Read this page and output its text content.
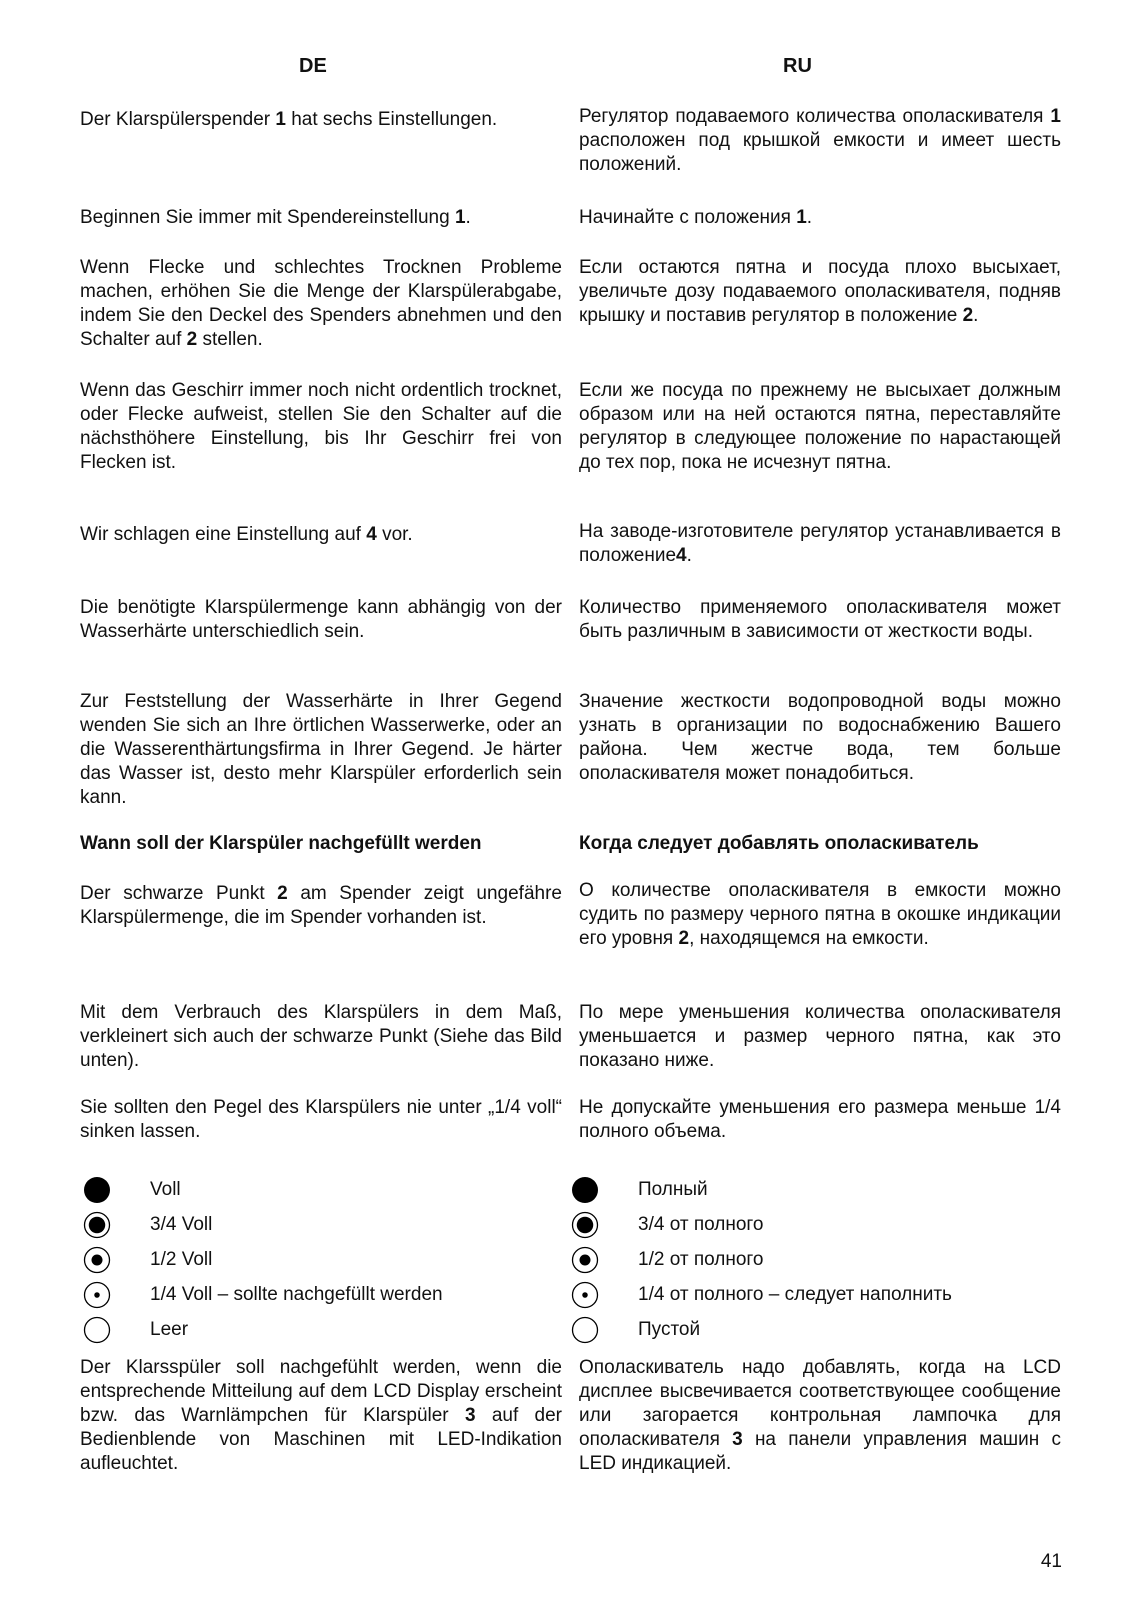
DE	RU
Der Klarspülerspender 1 hat sechs Einstellungen.
Beginnen Sie immer mit Spendereinstellung 1.
Wenn Flecke und schlechtes Trocknen Probleme machen, erhöhen Sie die Menge der Klarspülerabgabe, indem Sie den Deckel des Spenders abnehmen und den Schalter auf 2 stellen.
Wenn das Geschirr immer noch nicht ordentlich trocknet, oder Flecke aufweist, stellen Sie den Schalter auf die nächsthöhere Einstellung, bis Ihr Geschirr frei von Flecken ist.
Wir schlagen eine Einstellung auf 4 vor.
Die benötigte Klarspülermenge kann abhängig von der Wasserhärte unterschiedlich sein.
Zur Feststellung der Wasserhärte in Ihrer Gegend wenden Sie sich an Ihre örtlichen Wasserwerke, oder an die Wasserenthärtungsfirma in Ihrer Gegend. Je härter das Wasser ist, desto mehr Klarspüler erforderlich sein kann.
Wann soll der Klarspüler nachgefüllt werden
Der schwarze Punkt 2 am Spender zeigt ungefähre Klarspülermenge, die im Spender vorhanden ist.
Mit dem Verbrauch des Klarspülers in dem Maß, verkleinert sich auch der schwarze Punkt (Siehe das Bild unten).
Sie sollten den Pegel des Klarspülers nie unter „1/4 voll“ sinken lassen.
Voll
3/4 Voll
1/2 Voll
1/4 Voll – sollte nachgefüllt werden
Leer
Der Klarsspüler soll nachgefühlt werden, wenn die entsprechende Mitteilung auf dem LCD Display erscheint bzw. das Warnlämpchen für Klarspüler 3 auf der Bedienblende von Maschinen mit LED-Indikation aufleuchtet.
Регулятор подаваемого количества ополаскивателя 1 расположен под крышкой емкости и имеет шесть положений.
Начинайте с положения 1.
Если остаются пятна и посуда плохо высыхает, увеличьте дозу подаваемого ополаскивателя, подняв крышку и поставив регулятор в положение 2.
Если же посуда по прежнему не высыхает должным образом или на ней остаются пятна, переставляйте регулятор в следующее положение по нарастающей до тех пор, пока не исчезнут пятна.
На заводе-изготовителе регулятор устанавливается в положение4.
Количество применяемого ополаскивателя может быть различным в зависимости от жесткости воды.
Значение жесткости водопроводной воды можно узнать в организации по водоснабжению Вашего района. Чем жестче вода, тем больше ополаскивателя может понадобиться.
Когда следует добавлять ополаскиватель
О количестве ополаскивателя в емкости можно судить по размеру черного пятна в окошке индикации его уровня 2, находящемся на емкости.
По мере уменьшения количества ополаскивателя уменьшается и размер черного пятна, как это показано ниже.
Не допускайте уменьшения его размера меньше 1/4 полного объема.
Полный
3/4 от полного
1/2 от полного
1/4 от полного – следует наполнить
Пустой
Ополаскиватель надо добавлять, когда на LCD дисплее высвечивается соответствующее сообщение или загорается контрольная лампочка для ополаскивателя 3 на панели управления машин с LED индикацией.
41
